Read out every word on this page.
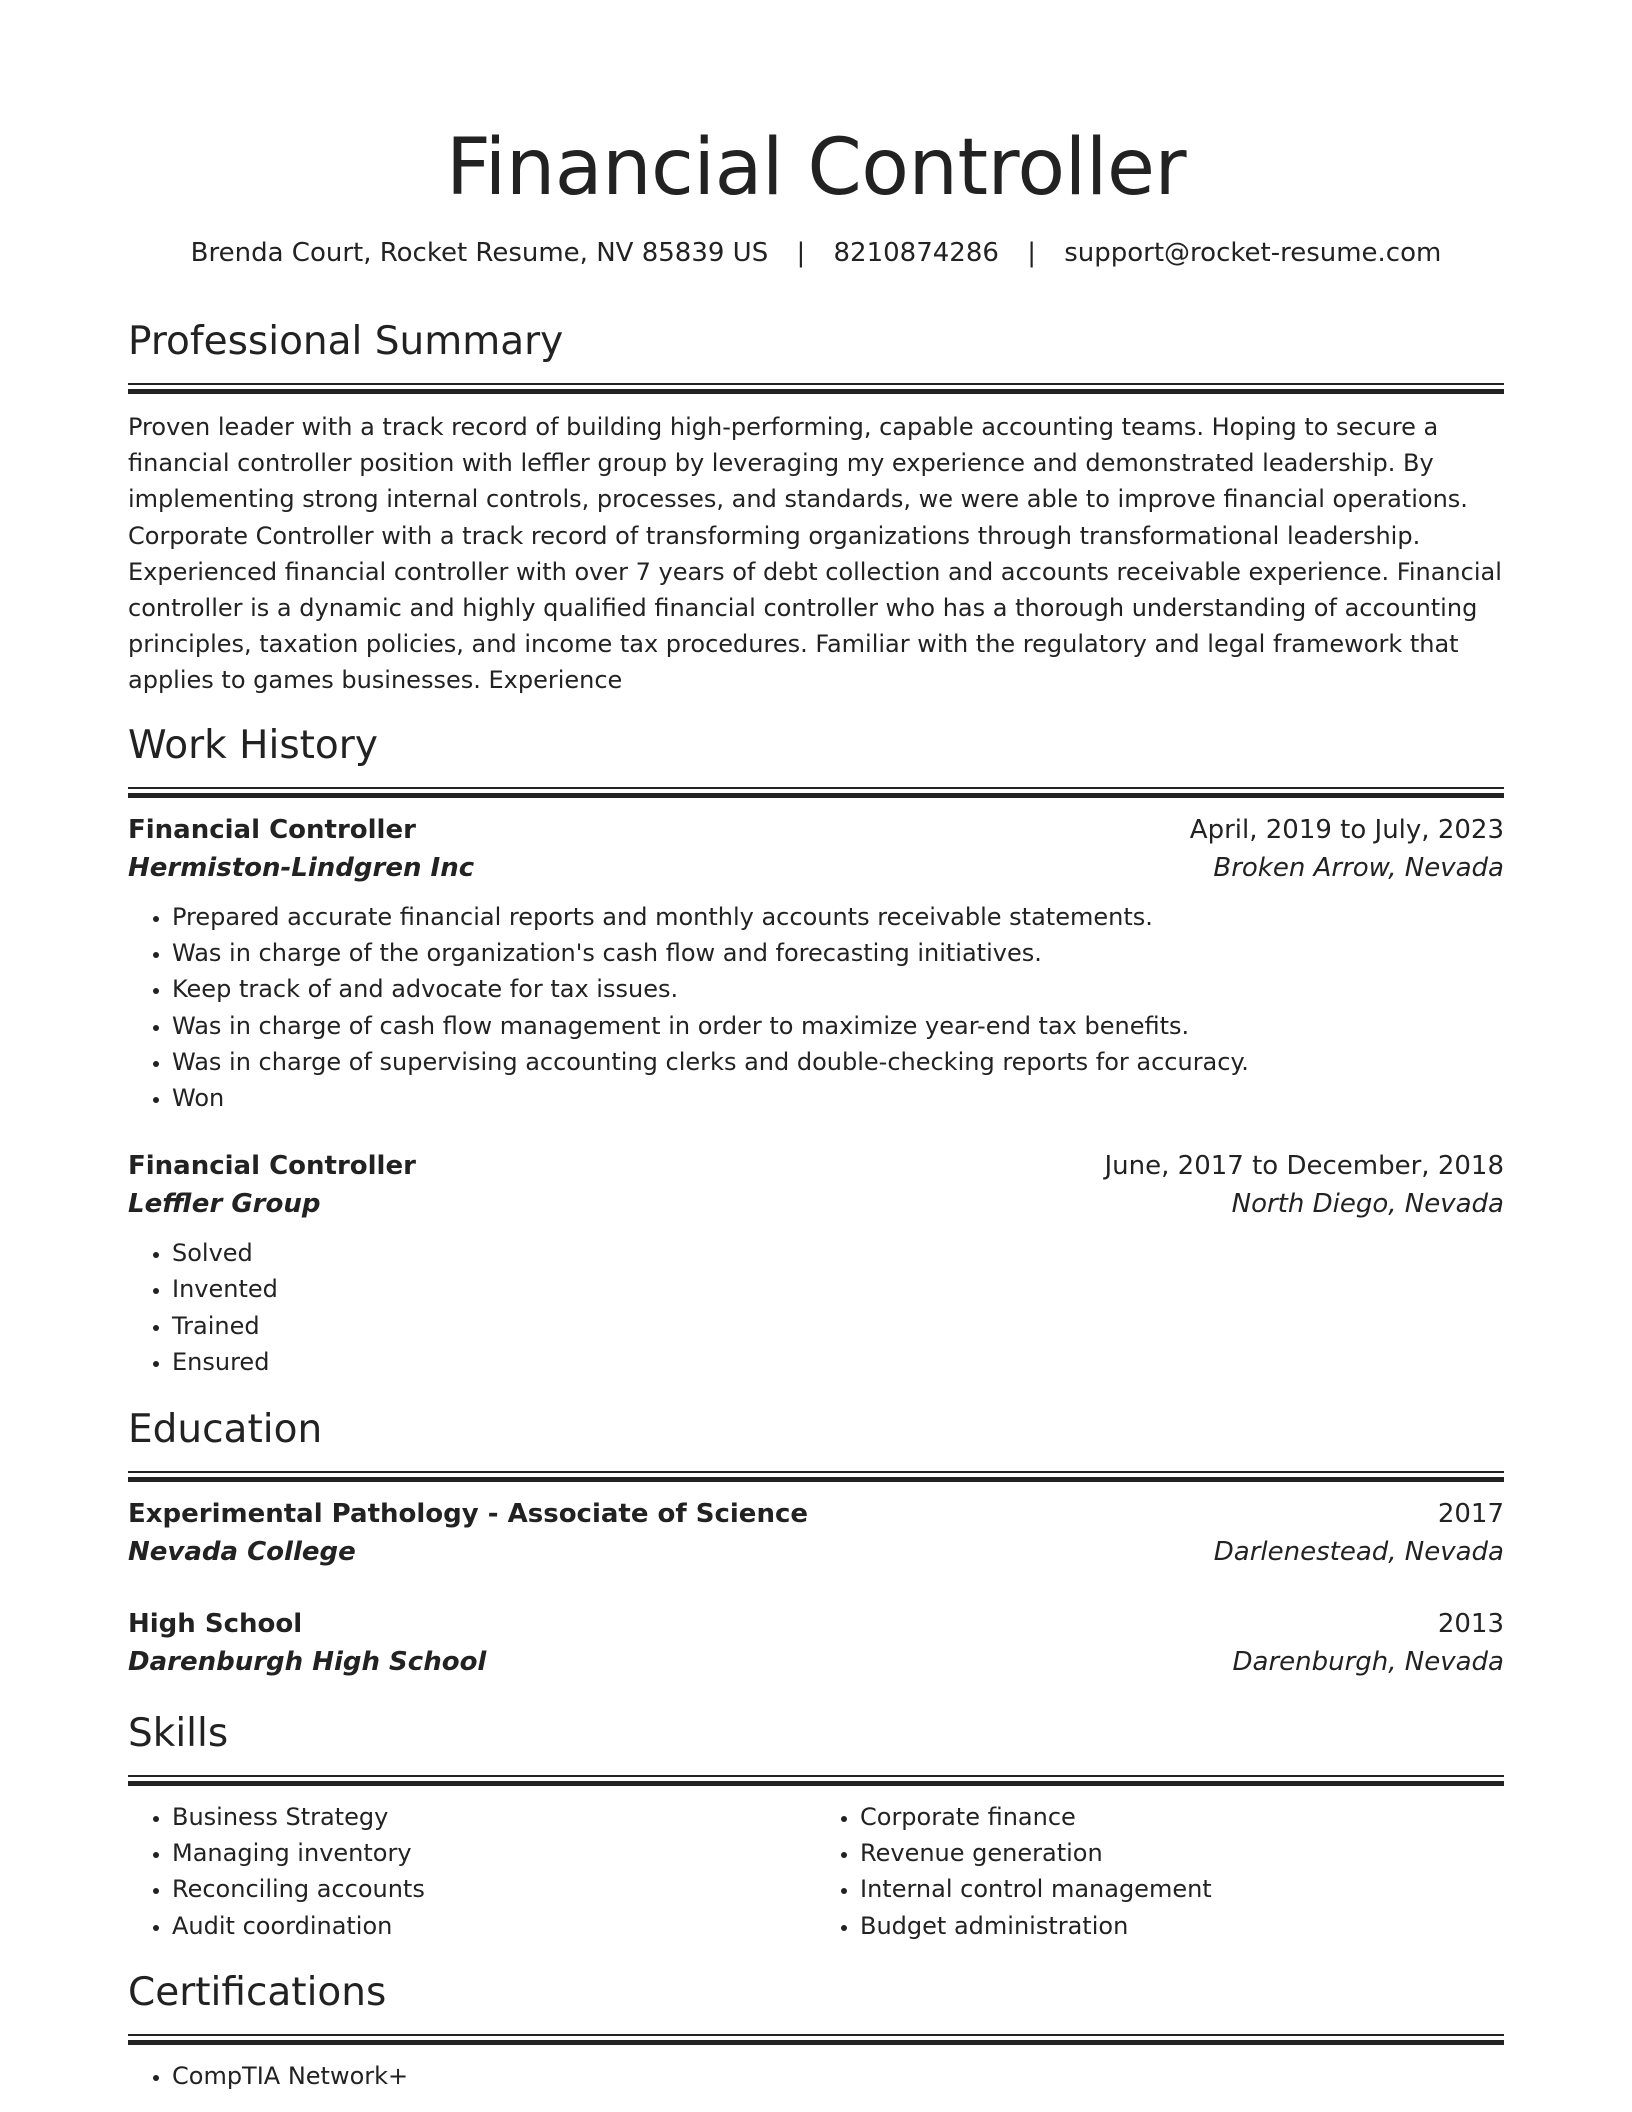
Financial Controller
Brenda Court, Rocket Resume, NV 85839 US | 8210874286 | support@rocket-resume.com
Professional Summary
Proven leader with a track record of building high-performing, capable accounting teams. Hoping to secure a financial controller position with leffler group by leveraging my experience and demonstrated leadership. By implementing strong internal controls, processes, and standards, we were able to improve financial operations. Corporate Controller with a track record of transforming organizations through transformational leadership. Experienced financial controller with over 7 years of debt collection and accounts receivable experience. Financial controller is a dynamic and highly qualified financial controller who has a thorough understanding of accounting principles, taxation policies, and income tax procedures. Familiar with the regulatory and legal framework that applies to games businesses. Experience
Work History
Financial Controller	April, 2019 to July, 2023
Hermiston-Lindgren Inc	Broken Arrow, Nevada
• Prepared accurate financial reports and monthly accounts receivable statements.
• Was in charge of the organization's cash flow and forecasting initiatives.
• Keep track of and advocate for tax issues.
• Was in charge of cash flow management in order to maximize year-end tax benefits.
• Was in charge of supervising accounting clerks and double-checking reports for accuracy.
• Won
Financial Controller	June, 2017 to December, 2018
Leffler Group	North Diego, Nevada
• Solved
• Invented
• Trained
• Ensured
Education
Experimental Pathology - Associate of Science	2017
Nevada College	Darlenestead, Nevada
High School	2013
Darenburgh High School	Darenburgh, Nevada
Skills
• Business Strategy
• Managing inventory
• Reconciling accounts
• Audit coordination
• Corporate finance
• Revenue generation
• Internal control management
• Budget administration
Certifications
• CompTIA Network+
